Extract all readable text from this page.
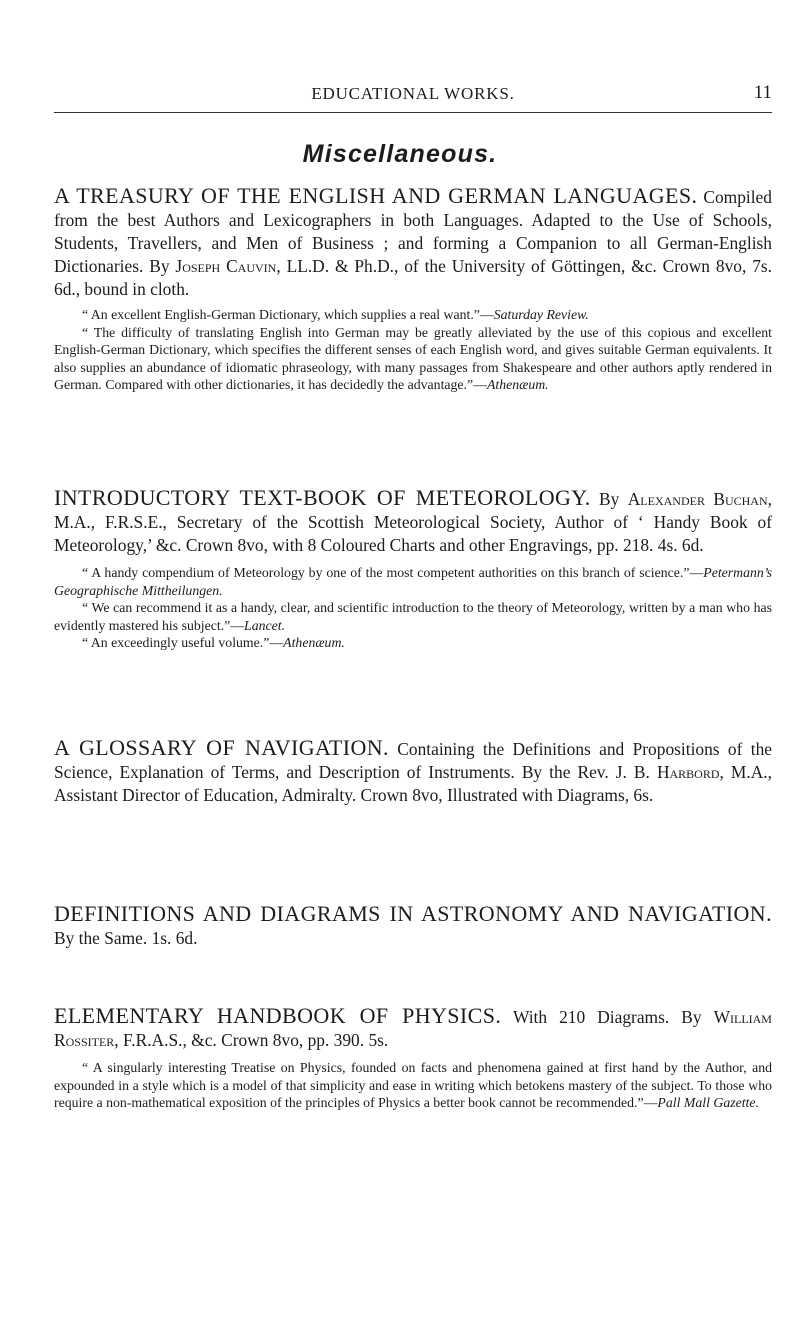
EDUCATIONAL WORKS.	11
Miscellaneous.

A TREASURY OF THE ENGLISH AND GERMAN LANGUAGES. Compiled from the best Authors and Lexicographers in both Languages. Adapted to the Use of Schools, Students, Travellers, and Men of Business ; and forming a Companion to all German-English Dictionaries. By Joseph Cauvin, LL.D. & Ph.D., of the University of Göttingen, &c. Crown 8vo, 7s. 6d., bound in cloth.

“ An excellent English-German Dictionary, which supplies a real want.”—Saturday Review.

“ The difficulty of translating English into German may be greatly alleviated by the use of this copious and excellent English-German Dictionary, which specifies the different senses of each English word, and gives suitable German equivalents. It also supplies an abundance of idiomatic phraseology, with many passages from Shakespeare and other authors aptly rendered in German. Compared with other dictionaries, it has decidedly the advantage.”—Athenæum.

INTRODUCTORY TEXT-BOOK OF METEOROLOGY. By Alexander Buchan, M.A., F.R.S.E., Secretary of the Scottish Meteorological Society, Author of ‘ Handy Book of Meteorology,’ &c. Crown 8vo, with 8 Coloured Charts and other Engravings, pp. 218. 4s. 6d.

“ A handy compendium of Meteorology by one of the most competent authorities on this branch of science.”—Petermann’s Geographische Mittheilungen.

“ We can recommend it as a handy, clear, and scientific introduction to the theory of Meteorology, written by a man who has evidently mastered his subject.”—Lancet.

“ An exceedingly useful volume.”—Athenæum.

A GLOSSARY OF NAVIGATION. Containing the Definitions and Propositions of the Science, Explanation of Terms, and Description of Instruments. By the Rev. J. B. Harbord, M.A., Assistant Director of Education, Admiralty. Crown 8vo, Illustrated with Diagrams, 6s.

DEFINITIONS AND DIAGRAMS IN ASTRONOMY AND NAVIGATION. By the Same. 1s. 6d.

ELEMENTARY HANDBOOK OF PHYSICS. With 210 Diagrams. By William Rossiter, F.R.A.S., &c. Crown 8vo, pp. 390. 5s.

“ A singularly interesting Treatise on Physics, founded on facts and phenomena gained at first hand by the Author, and expounded in a style which is a model of that simplicity and ease in writing which betokens mastery of the subject. To those who require a non-mathematical exposition of the principles of Physics a better book cannot be recommended.”—Pall Mall Gazette.
